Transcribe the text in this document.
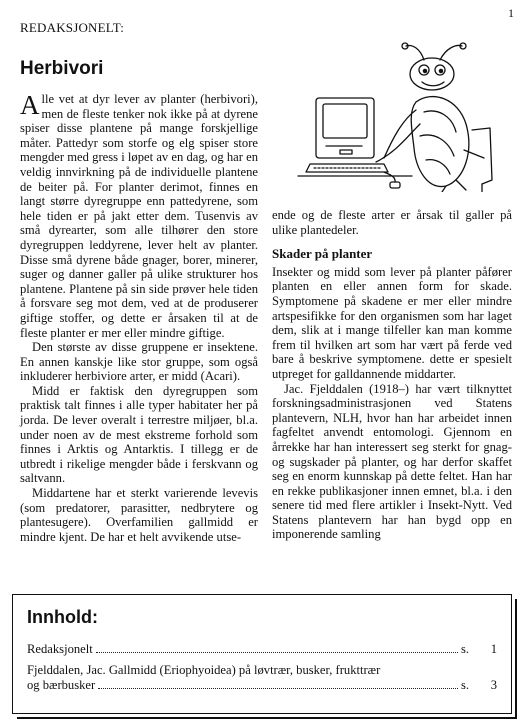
1
REDAKSJONELT:
Herbivori

Alle vet at dyr lever av planter (herbivori), men de fleste tenker nok ikke på at dyrene spiser disse plantene på mange forskjellige måter. Pattedyr som storfe og elg spiser store mengder med gress i løpet av en dag, og har en veldig innvirkning på de individuelle plantene de beiter på. For planter derimot, finnes en langt større dyregruppe enn pattedyrene, som hele tiden er på jakt etter dem. Tusenvis av små dyrearter, som alle tilhører den store dyregruppen leddyrene, lever helt av planter. Disse små dyrene både gnager, borer, minerer, suger og danner galler på ulike strukturer hos plantene. Plantene på sin side prøver hele tiden å forsvare seg mot dem, ved at de produserer giftige stoffer, og dette er årsaken til at de fleste planter er mer eller mindre giftige.

Den største av disse gruppene er insektene. En annen kanskje like stor gruppe, som også inkluderer herbiviore arter, er midd (Acari).

Midd er faktisk den dyregruppen som praktisk talt finnes i alle typer habitater her på jorda. De lever overalt i terrestre miljøer, bl.a. under noen av de mest ekstreme forhold som finnes i Arktis og Antarktis. I tillegg er de utbredt i rikelige mengder både i ferskvann og saltvann.

Middartene har et sterkt varierende levevis (som predatorer, parasitter, nedbrytere og plantesugere). Overfamilien gallmidd er mindre kjent. De har et helt avvikende utse-

ende og de fleste arter er årsak til galler på ulike plantedeler.

Skader på planter

Insekter og midd som lever på planter påfører planten en eller annen form for skade. Symptomene på skadene er mer eller mindre artspesifikke for den organismen som har laget dem, slik at i mange tilfeller kan man komme frem til hvilken art som har vært på ferde ved bare å beskrive symptomene. dette er spesielt utpreget for galldannende middarter.

Jac. Fjelddalen (1918–) har vært tilknyttet forskningsadministrasjonen ved Statens plantevern, NLH, hvor han har arbeidet innen fagfeltet anvendt entomologi. Gjennom en årrekke har han interessert seg sterkt for gnag- og sugskader på planter, og har derfor skaffet seg en enorm kunnskap på dette feltet. Han har en rekke publikasjoner innen emnet, bl.a. i den senere tid med flere artikler i Insekt-Nytt. Ved Statens plantevern har han bygd opp en imponerende samling

Innhold:
Redaksjonelt	s.	1
Fjelddalen, Jac. Gallmidd (Eriophyoidea) på løvtrær, busker, frukttrær
og bærbusker	s.	3
